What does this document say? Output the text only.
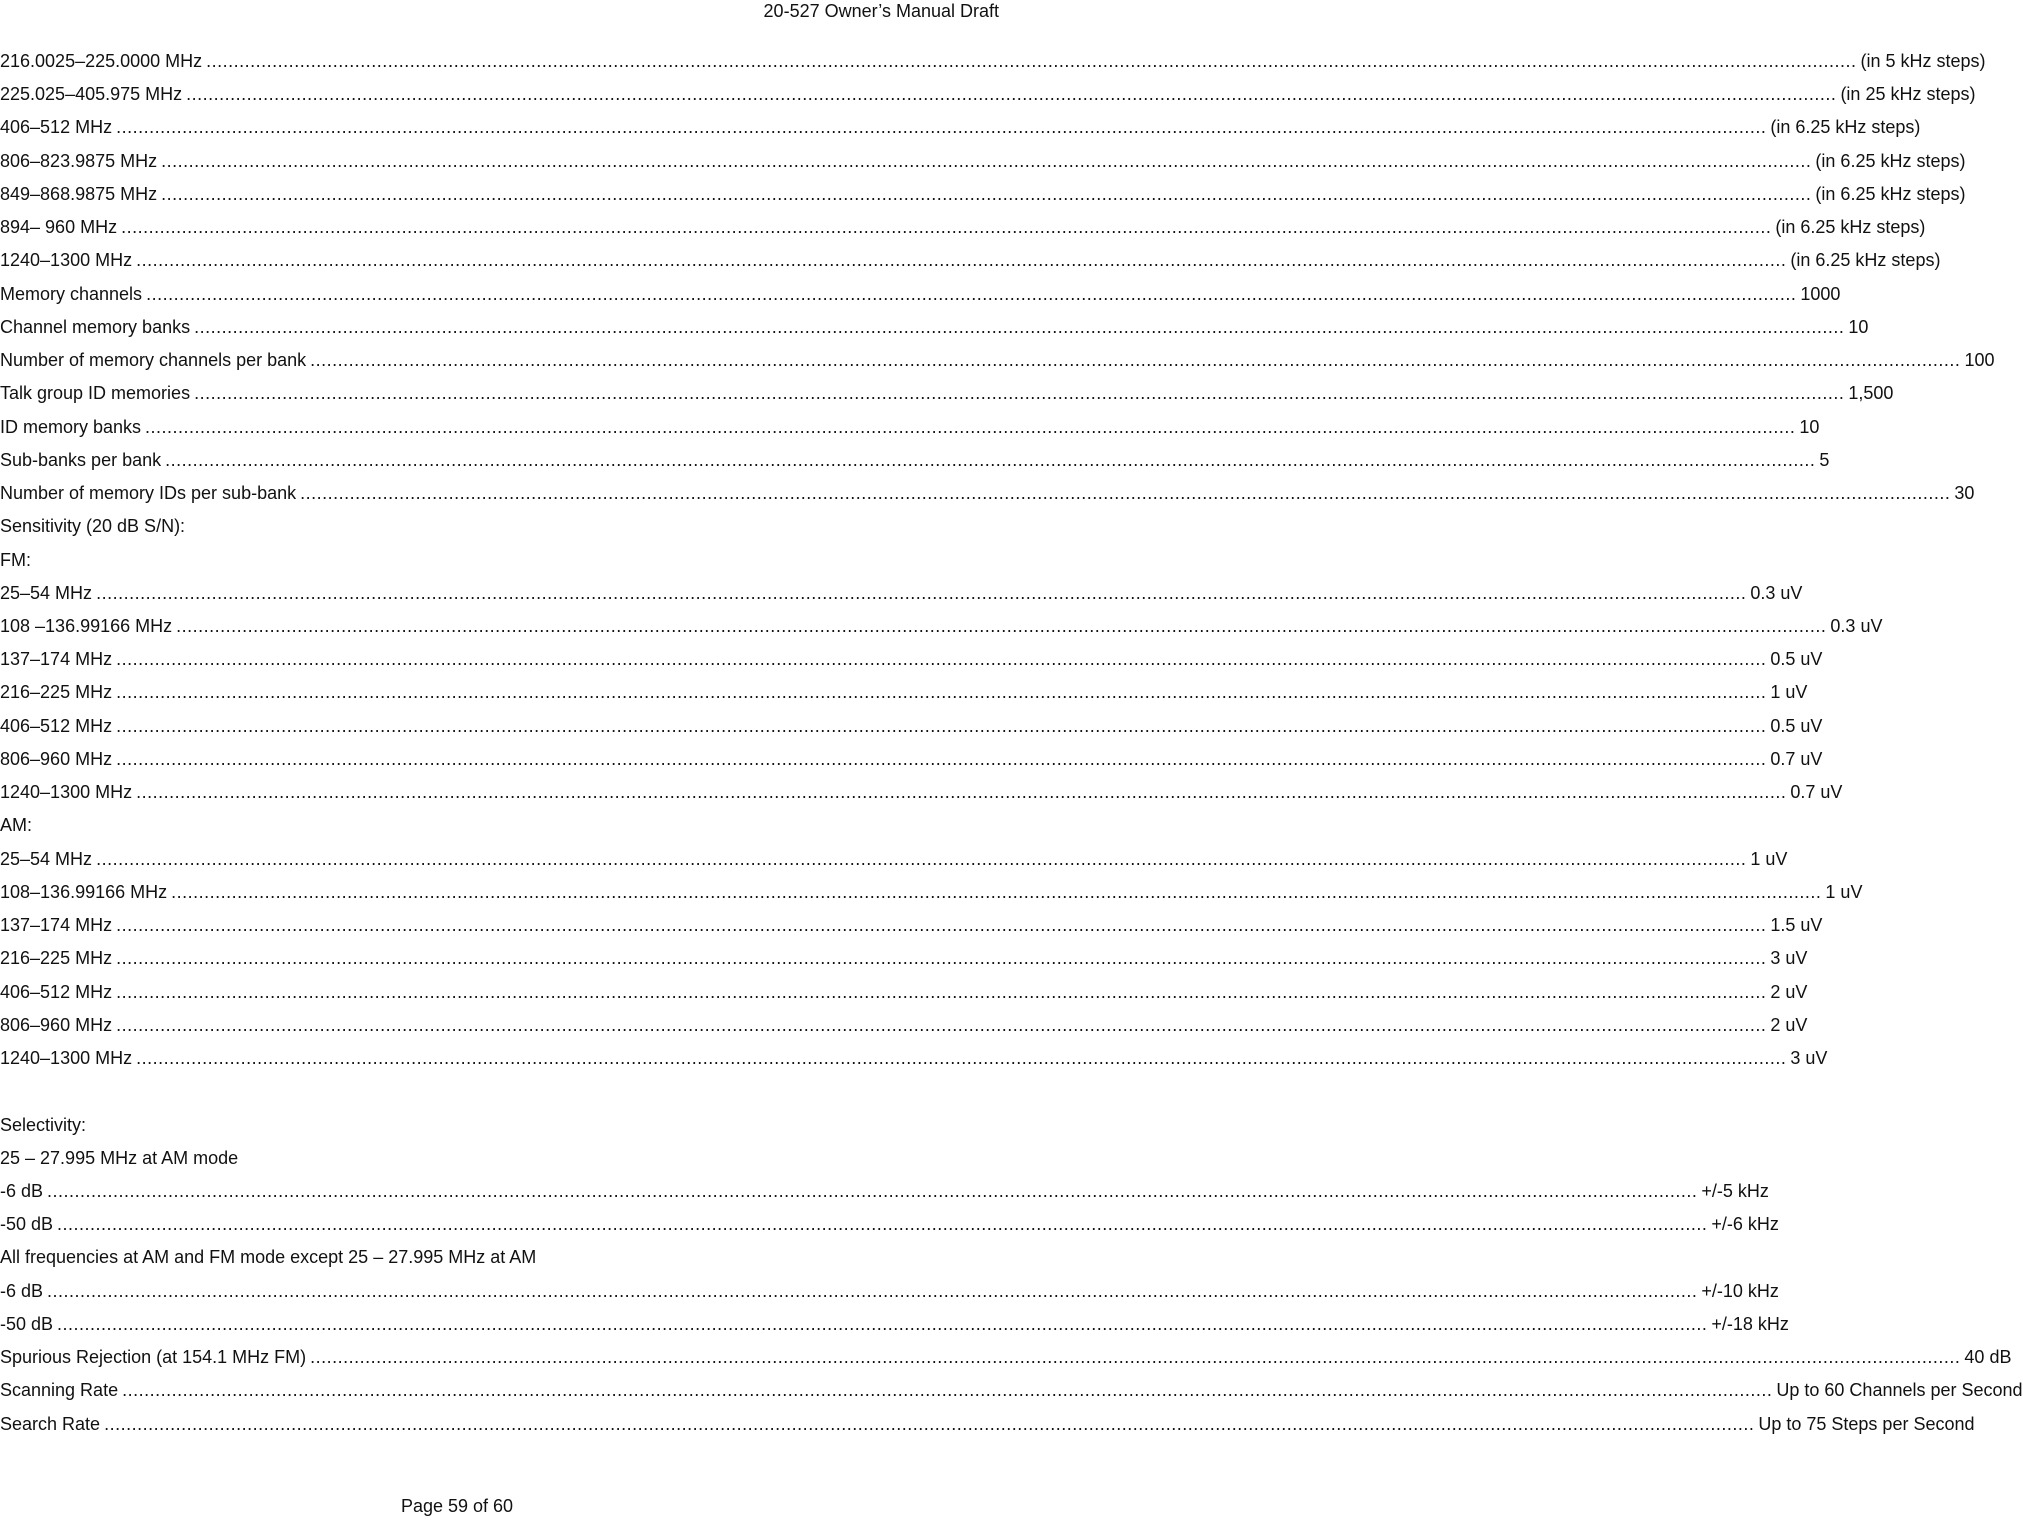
20-527 Owner’s Manual Draft
216.0025–225.0000 MHz ............................................................................................................................................................................................................................................................................................................ (in 5 kHz steps)
225.025–405.975 MHz ............................................................................................................................................................................................................................................................................................................ (in 25 kHz steps)
406–512 MHz ............................................................................................................................................................................................................................................................................................................ (in 6.25 kHz steps)
806–823.9875 MHz ............................................................................................................................................................................................................................................................................................................ (in 6.25 kHz steps)
849–868.9875 MHz ............................................................................................................................................................................................................................................................................................................ (in 6.25 kHz steps)
894– 960 MHz ............................................................................................................................................................................................................................................................................................................ (in 6.25 kHz steps)
1240–1300 MHz ............................................................................................................................................................................................................................................................................................................ (in 6.25 kHz steps)
Memory channels ............................................................................................................................................................................................................................................................................................................ 1000
Channel memory banks ............................................................................................................................................................................................................................................................................................................ 10
Number of memory channels per bank ............................................................................................................................................................................................................................................................................................................ 100
Talk group ID memories ............................................................................................................................................................................................................................................................................................................ 1,500
ID memory banks ............................................................................................................................................................................................................................................................................................................ 10
Sub-banks per bank ............................................................................................................................................................................................................................................................................................................ 5
Number of memory IDs per sub-bank ............................................................................................................................................................................................................................................................................................................ 30
Sensitivity (20 dB S/N):
FM:
25–54 MHz ............................................................................................................................................................................................................................................................................................................ 0.3 uV
108 –136.99166 MHz ............................................................................................................................................................................................................................................................................................................ 0.3 uV
137–174 MHz ............................................................................................................................................................................................................................................................................................................ 0.5 uV
216–225 MHz ............................................................................................................................................................................................................................................................................................................ 1 uV
406–512 MHz ............................................................................................................................................................................................................................................................................................................ 0.5 uV
806–960 MHz ............................................................................................................................................................................................................................................................................................................ 0.7 uV
1240–1300 MHz ............................................................................................................................................................................................................................................................................................................ 0.7 uV
AM:
25–54 MHz ............................................................................................................................................................................................................................................................................................................ 1 uV
108–136.99166 MHz ............................................................................................................................................................................................................................................................................................................ 1 uV
137–174 MHz ............................................................................................................................................................................................................................................................................................................ 1.5 uV
216–225 MHz ............................................................................................................................................................................................................................................................................................................ 3 uV
406–512 MHz ............................................................................................................................................................................................................................................................................................................ 2 uV
806–960 MHz ............................................................................................................................................................................................................................................................................................................ 2 uV
1240–1300 MHz ............................................................................................................................................................................................................................................................................................................ 3 uV
Selectivity:
25 – 27.995 MHz at AM mode
-6 dB ............................................................................................................................................................................................................................................................................................................ +/-5 kHz
-50 dB ............................................................................................................................................................................................................................................................................................................ +/-6 kHz
All frequencies at AM and FM mode except 25 – 27.995 MHz at AM
-6 dB ............................................................................................................................................................................................................................................................................................................ +/-10 kHz
-50 dB ............................................................................................................................................................................................................................................................................................................ +/-18 kHz
Spurious Rejection (at 154.1 MHz FM) ............................................................................................................................................................................................................................................................................................................ 40 dB
Scanning Rate ............................................................................................................................................................................................................................................................................................................ Up to 60 Channels per Second
Search Rate ............................................................................................................................................................................................................................................................................................................ Up to 75 Steps per Second
Page 59 of 60
